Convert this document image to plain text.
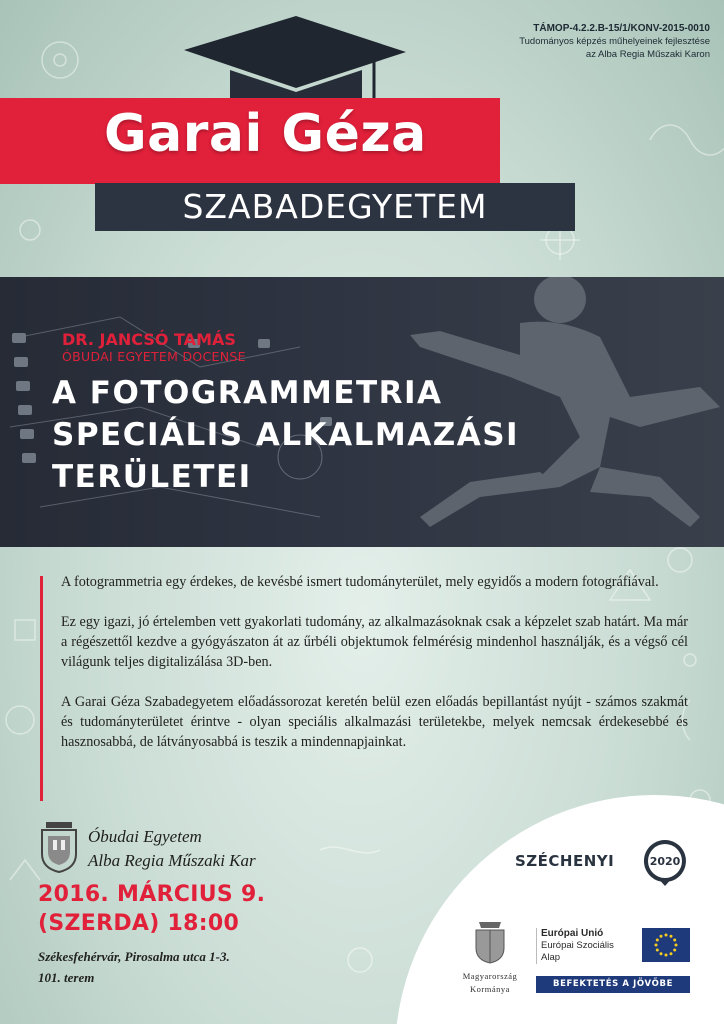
TÁMOP-4.2.2.B-15/1/KONV-2015-0010
Tudományos képzés műhelyeinek fejlesztése
az Alba Regia Műszaki Karon
Garai Géza
SZABADEGYETEM
DR. JANCSÓ TAMÁS
ÓBUDAI EGYETEM DOCENSE
A FOTOGRAMMETRIA
SPECIÁLIS ALKALMAZÁSI
TERÜLETEI

A fotogrammetria egy érdekes, de kevésbé ismert tudományterület, mely egyidős a modern fotográfiával.

Ez egy igazi, jó értelemben vett gyakorlati tudomány, az alkalmazásoknak csak a képzelet szab határt. Ma már a régészettől kezdve a gyógyászaton át az űrbéli objektumok felmérésig mindenhol használják, és a végső cél világunk teljes digitalizálása 3D-ben.

A Garai Géza Szabadegyetem előadássorozat keretén belül ezen előadás bepillantást nyújt - számos szakmát és tudományterületet érintve - olyan speciális alkalmazási területekbe, melyek nemcsak érdekesebbé és hasznosabbá, de látványosabbá is teszik a mindennapjainkat.

Óbudai Egyetem
Alba Regia Műszaki Kar
2016. MÁRCIUS 9.
(SZERDA) 18:00
Székesfehérvár, Pirosalma utca 1-3.
101. terem
SZÉCHENYI	2020
Magyarország
Kormánya
Európai Unió
Európai Szociális
Alap
BEFEKTETÉS A JÖVŐBE
